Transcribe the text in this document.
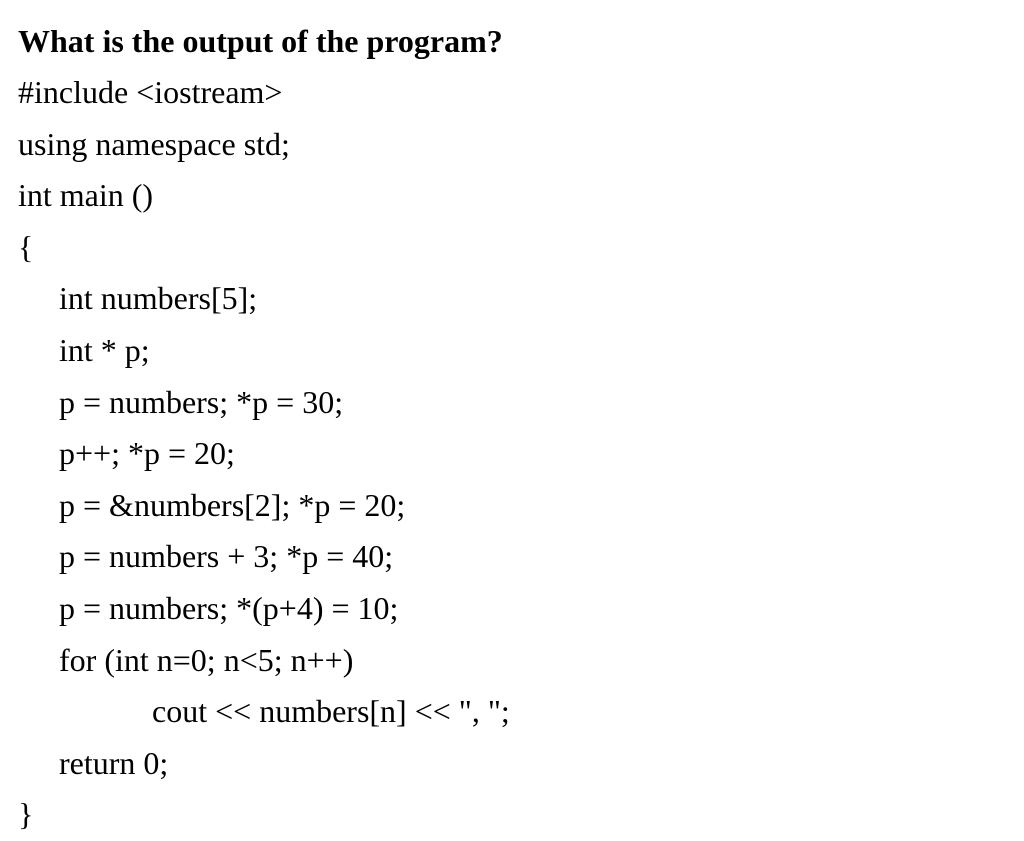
What is the output of the program?
#include <iostream>
using namespace std;
int main ()
{
int numbers[5];
int * p;
p = numbers; *p = 30;
p++; *p = 20;
p = &numbers[2]; *p = 20;
p = numbers + 3; *p = 40;
p = numbers; *(p+4) = 10;
for (int n=0; n<5; n++)
cout << numbers[n] << ", ";
return 0;
}
